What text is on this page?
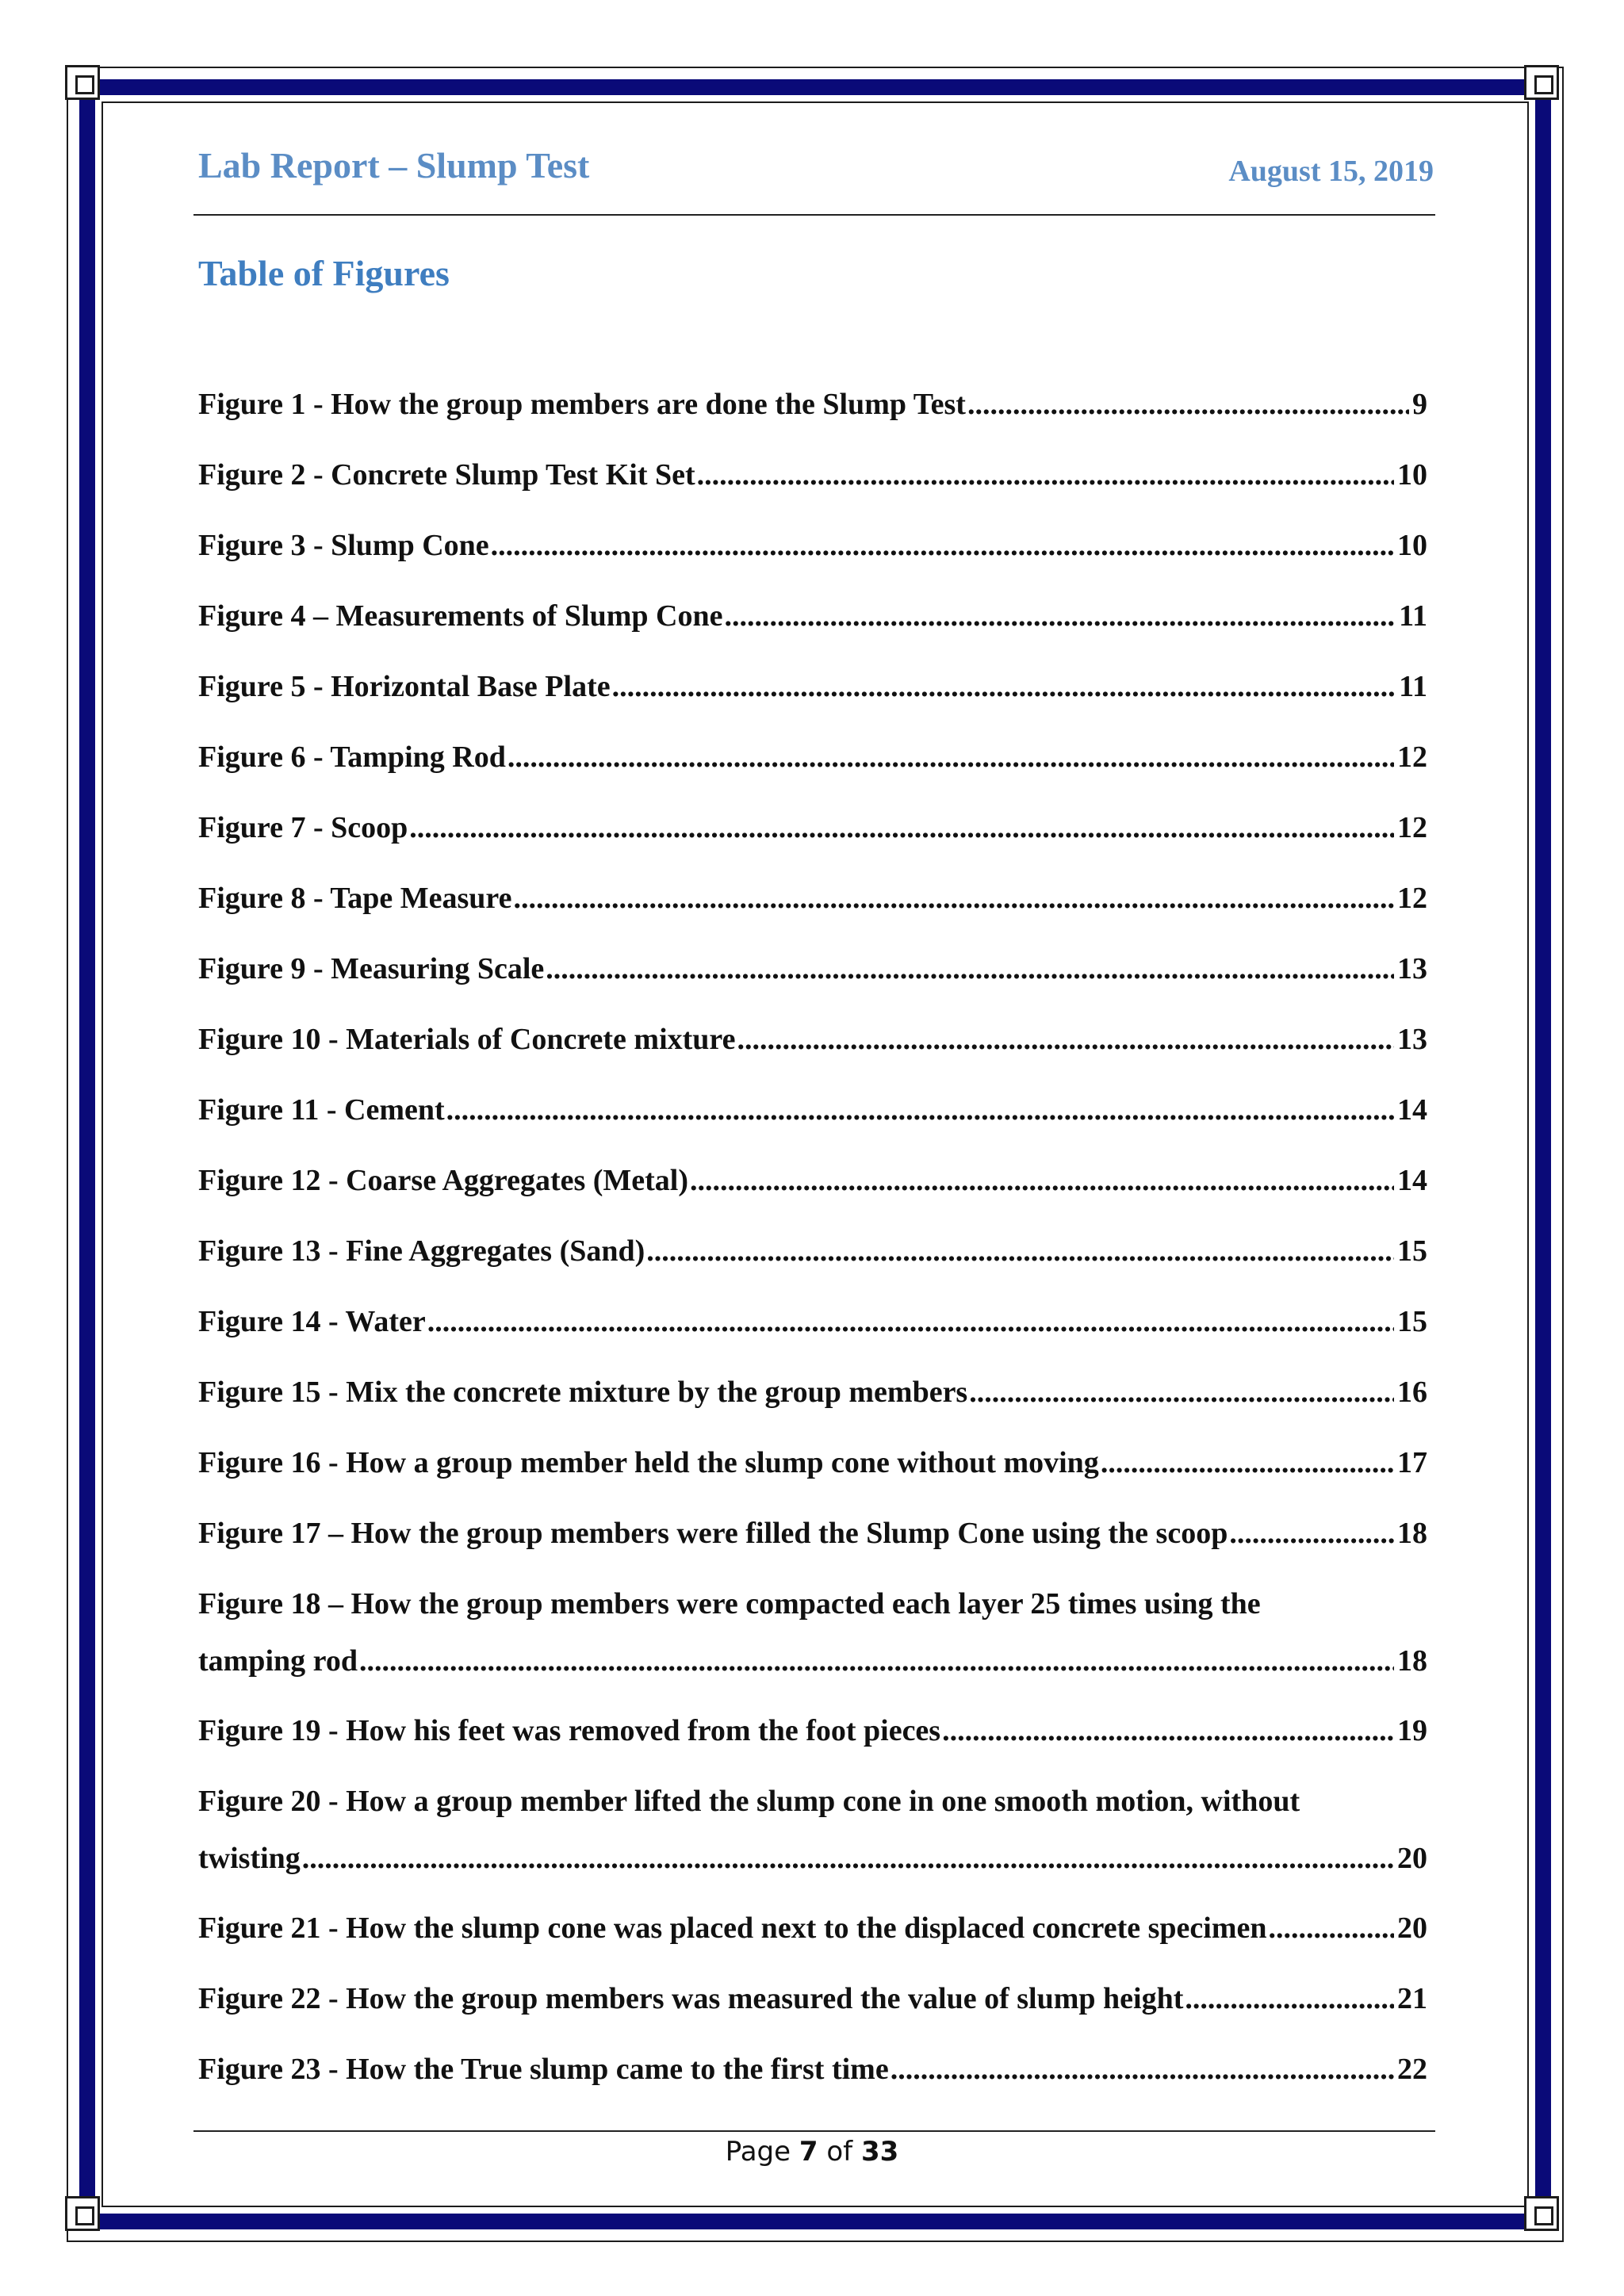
Lab Report – Slump Test	August 15, 2019
Table of Figures
Figure 1 - How the group members are done the Slump Test .....	9
Figure 2 - Concrete Slump Test Kit Set .....	10
Figure 3 - Slump Cone .....	10
Figure 4 – Measurements of Slump Cone .....	11
Figure 5 - Horizontal Base Plate .....	11
Figure 6 - Tamping Rod .....	12
Figure 7 - Scoop .....	12
Figure 8 - Tape Measure .....	12
Figure 9 - Measuring Scale .....	13
Figure 10 - Materials of Concrete mixture .....	13
Figure 11 - Cement .....	14
Figure 12 - Coarse Aggregates (Metal) .....	14
Figure 13 - Fine Aggregates (Sand) .....	15
Figure 14 - Water .....	15
Figure 15 - Mix the concrete mixture by the group members .....	16
Figure 16 - How a group member held the slump cone without moving .....	17
Figure 17 – How the group members were filled the Slump Cone using the scoop .....	18
Figure 18 – How the group members were compacted each layer 25 times using the
tamping rod .....	18
Figure 19 - How his feet was removed from the foot pieces .....	19
Figure 20 - How a group member lifted the slump cone in one smooth motion, without
twisting .....	20
Figure 21 - How the slump cone was placed next to the displaced concrete specimen .....	20
Figure 22 - How the group members was measured the value of slump height .....	21
Figure 23 - How the True slump came to the first time .....	22
Page 7 of 33
